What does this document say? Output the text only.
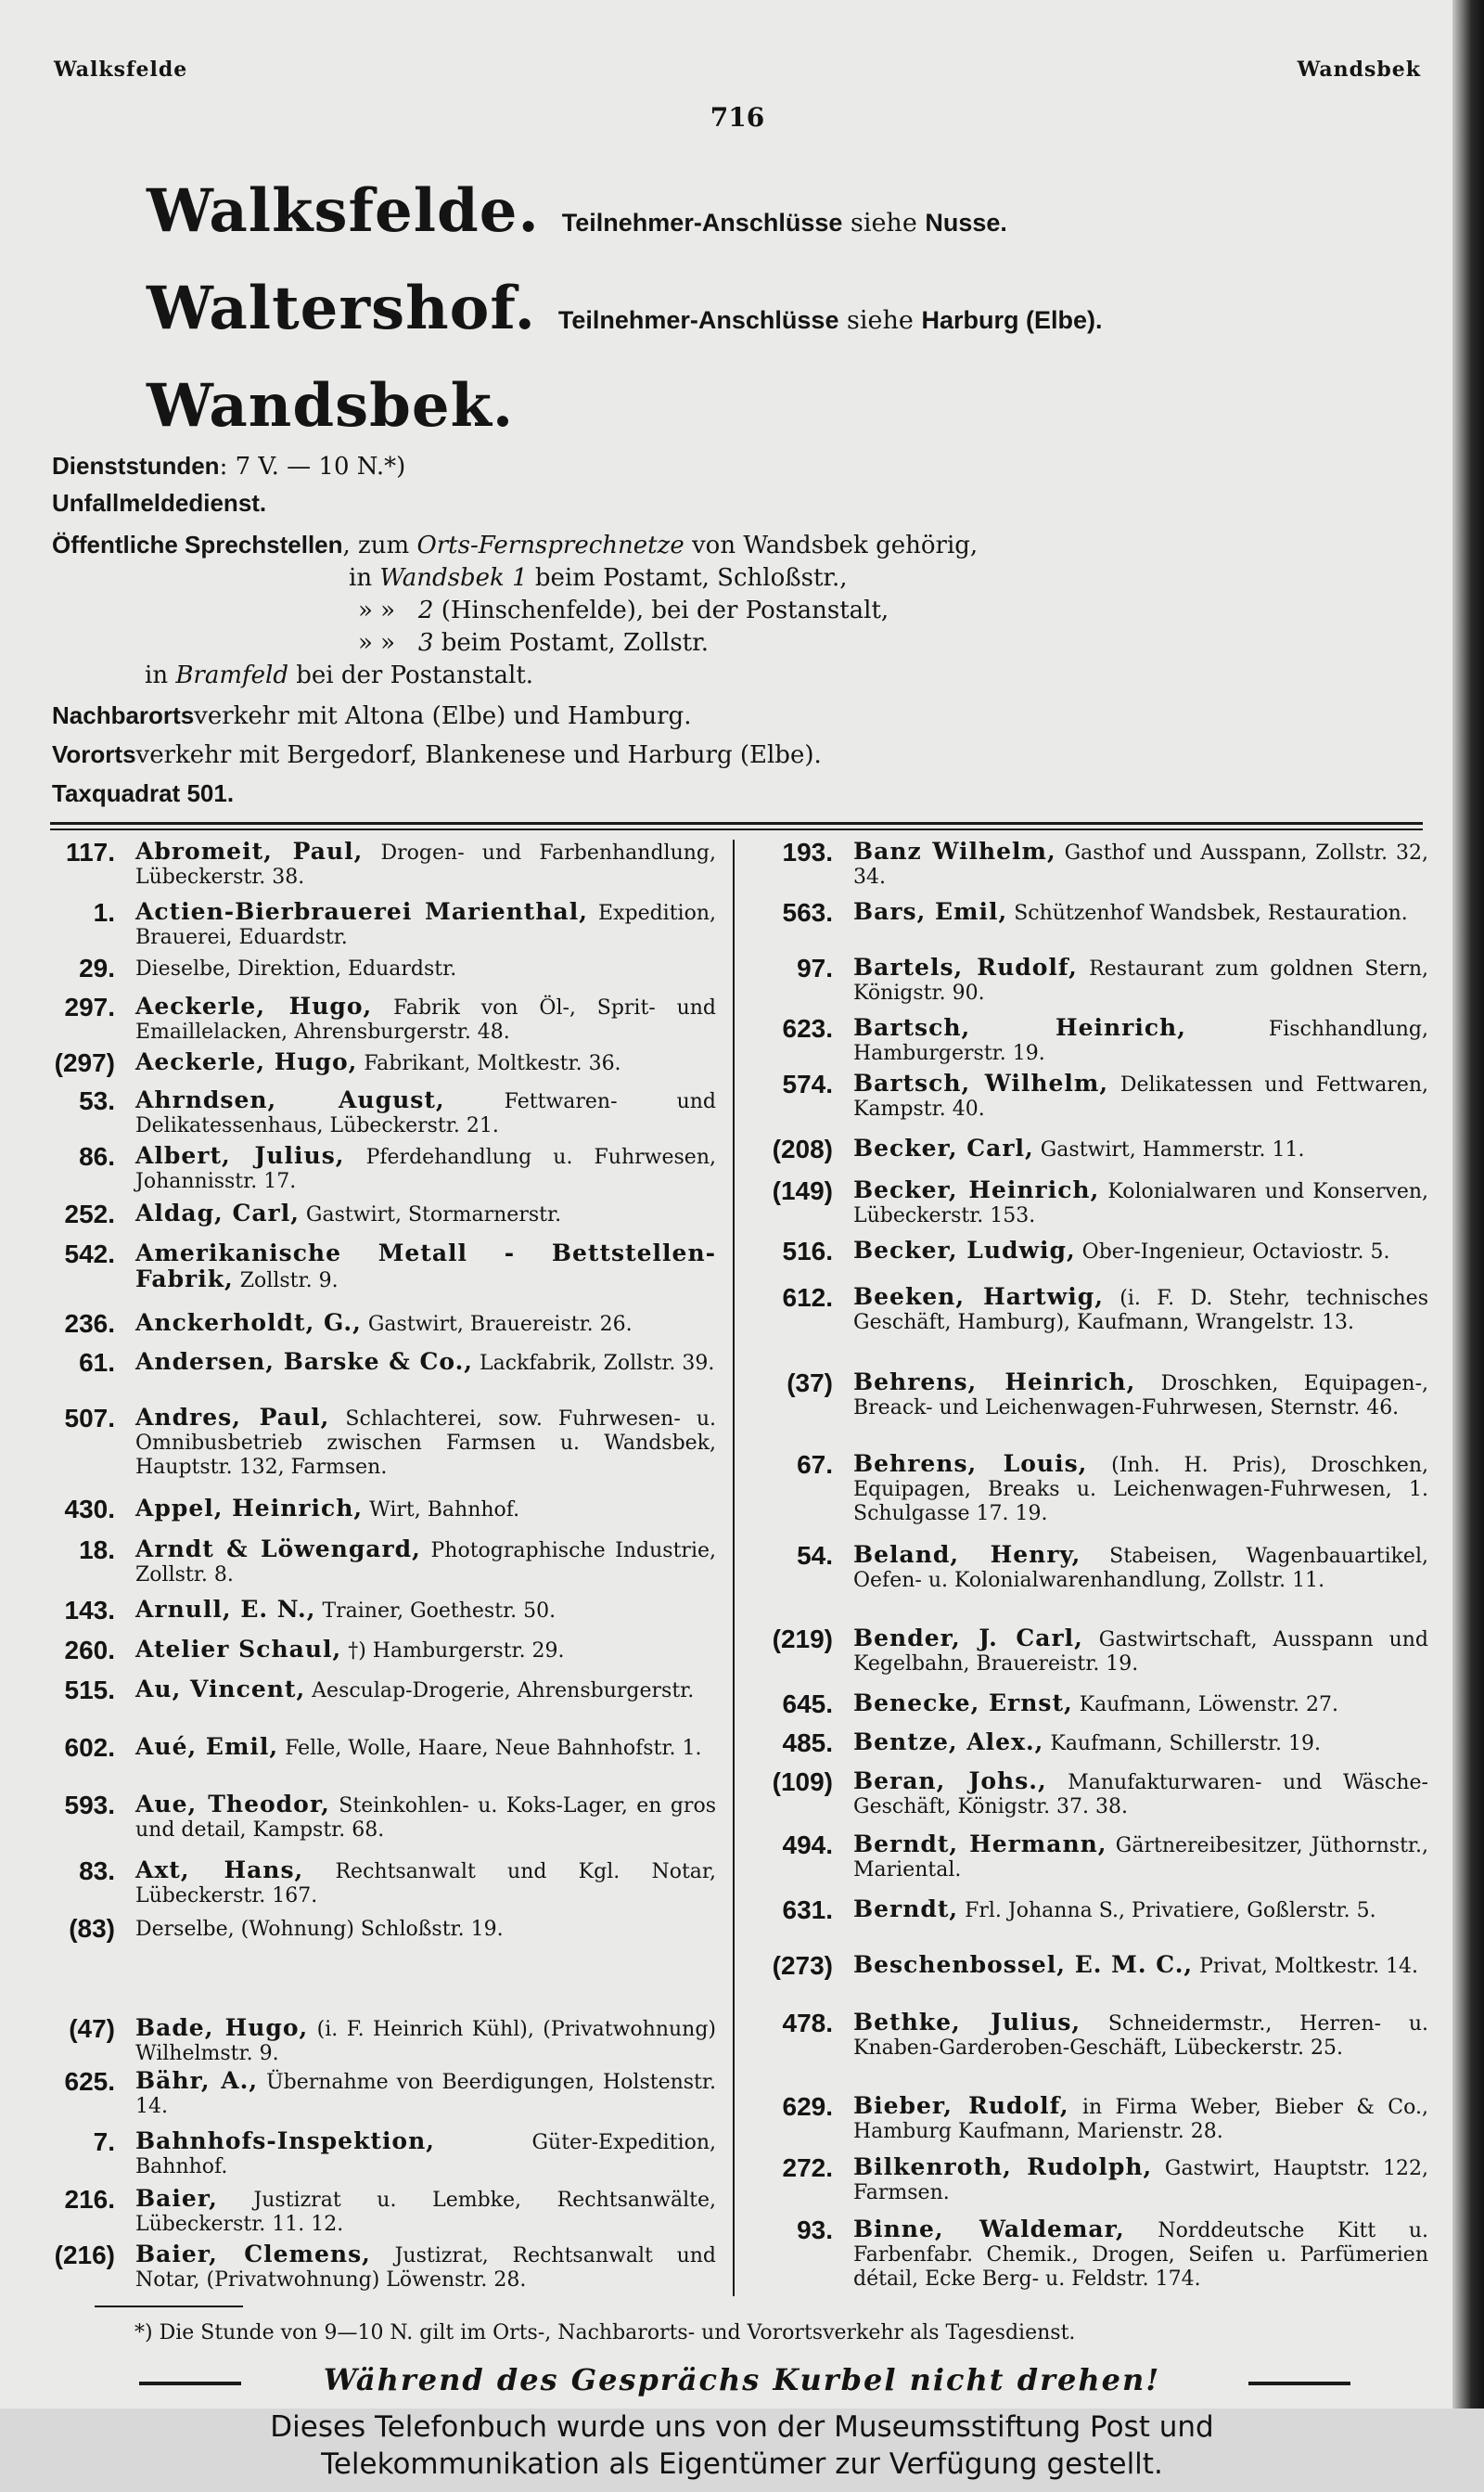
Walksfelde	Wandsbek
716
Walksfelde. Teilnehmer-Anschlüsse siehe Nusse.
Waltershof. Teilnehmer-Anschlüsse siehe Harburg (Elbe).
Wandsbek.
Dienststunden: 7 V. — 10 N.*)
Unfallmeldedienst.
Öffentliche Sprechstellen, zum Orts-Fernsprechnetze von Wandsbek gehörig,
in Wandsbek 1 beim Postamt, Schloßstr.,
» » 2 (Hinschenfelde), bei der Postanstalt,
» » 3 beim Postamt, Zollstr.
in Bramfeld bei der Postanstalt.
Nachbarortsverkehr mit Altona (Elbe) und Hamburg.
Vorortsverkehr mit Bergedorf, Blankenese und Harburg (Elbe).
Taxquadrat 501.
117. Abromeit, Paul, Drogen- und Farbenhandlung, Lübeckerstr. 38.
1. Actien-Bierbrauerei Marienthal, Expedition, Brauerei, Eduardstr.
29. Dieselbe, Direktion, Eduardstr.
297. Aeckerle, Hugo, Fabrik von Öl-, Sprit- und Emaillelacken, Ahrensburgerstr. 48.
(297) Aeckerle, Hugo, Fabrikant, Moltkestr. 36.
53. Ahrndsen, August, Fettwaren- und Delikatessenhaus, Lübeckerstr. 21.
86. Albert, Julius, Pferdehandlung u. Fuhrwesen, Johannisstr. 17.
252. Aldag, Carl, Gastwirt, Stormarnerstr.
542. Amerikanische Metall - Bettstellen-Fabrik, Zollstr. 9.
236. Anckerholdt, G., Gastwirt, Brauereistr. 26.
61. Andersen, Barske & Co., Lackfabrik, Zollstr. 39.
507. Andres, Paul, Schlachterei, sow. Fuhrwesen- u. Omnibusbetrieb zwischen Farmsen u. Wandsbek, Hauptstr. 132, Farmsen.
430. Appel, Heinrich, Wirt, Bahnhof.
18. Arndt & Löwengard, Photographische Industrie, Zollstr. 8.
143. Arnull, E. N., Trainer, Goethestr. 50.
260. Atelier Schaul, †) Hamburgerstr. 29.
515. Au, Vincent, Aesculap-Drogerie, Ahrensburgerstr.
602. Aué, Emil, Felle, Wolle, Haare, Neue Bahnhofstr. 1.
593. Aue, Theodor, Steinkohlen- u. Koks-Lager, en gros und detail, Kampstr. 68.
83. Axt, Hans, Rechtsanwalt und Kgl. Notar, Lübeckerstr. 167.
(83) Derselbe, (Wohnung) Schloßstr. 19.
(47) Bade, Hugo, (i. F. Heinrich Kühl), (Privatwohnung) Wilhelmstr. 9.
625. Bähr, A., Übernahme von Beerdigungen, Holstenstr. 14.
7. Bahnhofs-Inspektion, Güter-Expedition, Bahnhof.
216. Baier, Justizrat u. Lembke, Rechtsanwälte, Lübeckerstr. 11. 12.
(216) Baier, Clemens, Justizrat, Rechtsanwalt und Notar, (Privatwohnung) Löwenstr. 28.
193. Banz Wilhelm, Gasthof und Ausspann, Zollstr. 32, 34.
563. Bars, Emil, Schützenhof Wandsbek, Restauration.
97. Bartels, Rudolf, Restaurant zum goldnen Stern, Königstr. 90.
623. Bartsch, Heinrich, Fischhandlung, Hamburgerstr. 19.
574. Bartsch, Wilhelm, Delikatessen und Fettwaren, Kampstr. 40.
(208) Becker, Carl, Gastwirt, Hammerstr. 11.
(149) Becker, Heinrich, Kolonialwaren und Konserven, Lübeckerstr. 153.
516. Becker, Ludwig, Ober-Ingenieur, Octaviostr. 5.
612. Beeken, Hartwig, (i. F. D. Stehr, technisches Geschäft, Hamburg), Kaufmann, Wrangelstr. 13.
(37) Behrens, Heinrich, Droschken, Equipagen-, Breack- und Leichenwagen-Fuhrwesen, Sternstr. 46.
67. Behrens, Louis, (Inh. H. Pris), Droschken, Equipagen, Breaks u. Leichenwagen-Fuhrwesen, 1. Schulgasse 17. 19.
54. Beland, Henry, Stabeisen, Wagenbauartikel, Oefen- u. Kolonialwarenhandlung, Zollstr. 11.
(219) Bender, J. Carl, Gastwirtschaft, Ausspann und Kegelbahn, Brauereistr. 19.
645. Benecke, Ernst, Kaufmann, Löwenstr. 27.
485. Bentze, Alex., Kaufmann, Schillerstr. 19.
(109) Beran, Johs., Manufakturwaren- und Wäsche-Geschäft, Königstr. 37. 38.
494. Berndt, Hermann, Gärtnereibesitzer, Jüthornstr., Mariental.
631. Berndt, Frl. Johanna S., Privatiere, Goßlerstr. 5.
(273) Beschenbossel, E. M. C., Privat, Moltkestr. 14.
478. Bethke, Julius, Schneidermstr., Herren- u. Knaben-Garderoben-Geschäft, Lübeckerstr. 25.
629. Bieber, Rudolf, in Firma Weber, Bieber & Co., Hamburg Kaufmann, Marienstr. 28.
272. Bilkenroth, Rudolph, Gastwirt, Hauptstr. 122, Farmsen.
93. Binne, Waldemar, Norddeutsche Kitt u. Farbenfabr. Chemik., Drogen, Seifen u. Parfümerien détail, Ecke Berg- u. Feldstr. 174.
*) Die Stunde von 9—10 N. gilt im Orts-, Nachbarorts- und Vorortsverkehr als Tagesdienst.
Während des Gesprächs Kurbel nicht drehen!
Dieses Telefonbuch wurde uns von der Museumsstiftung Post und
Telekommunikation als Eigentümer zur Verfügung gestellt.
